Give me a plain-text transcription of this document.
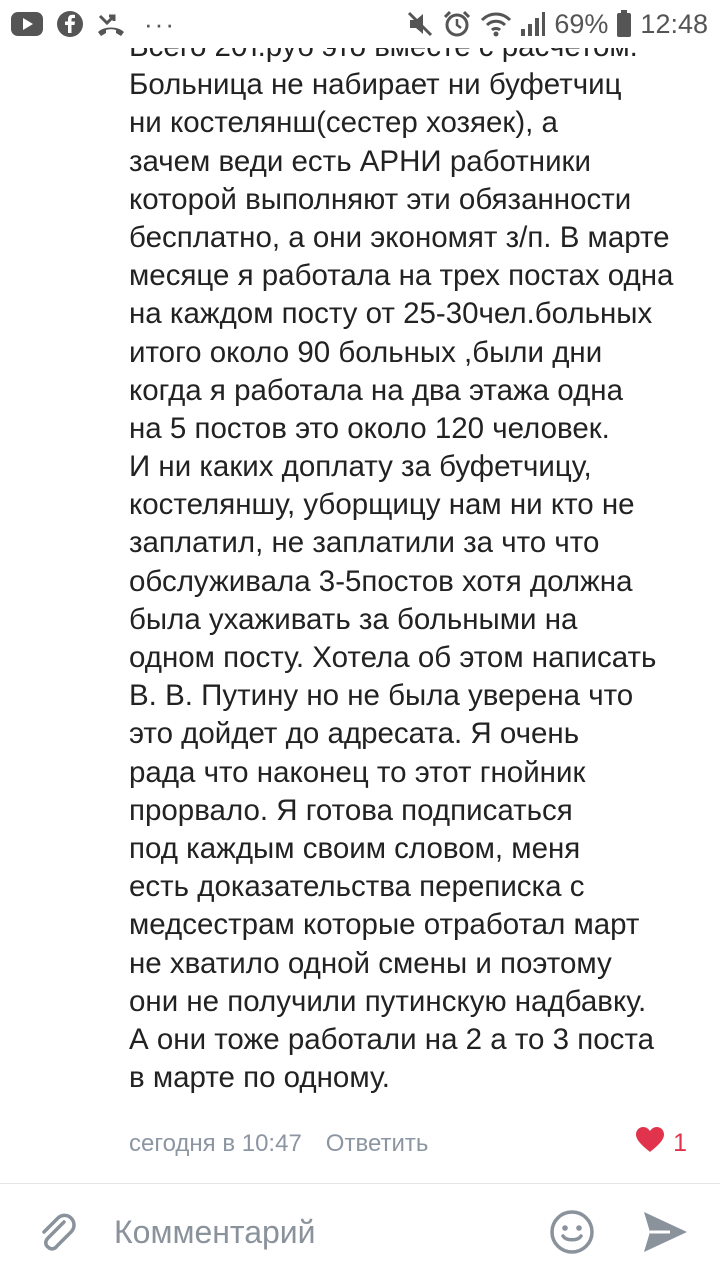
···	69% 12:48
Больница не набирает ни буфетчиц
ни костелянш(сестер хозяек), а
зачем веди есть АРНИ работники
которой выполняют эти обязанности
бесплатно, а они экономят з/п. В марте
месяце я работала на трех постах одна
на каждом посту от 25-30чел.больных
итого около 90 больных ,были дни
когда я работала на два этажа одна
на 5 постов это около 120 человек.
И ни каких доплату за буфетчицу,
костеляншу, уборщицу нам ни кто не
заплатил, не заплатили за что что
обслуживала 3-5постов хотя должна
была ухаживать за больными на
одном посту. Хотела об этом написать
В. В. Путину но не была уверена что
это дойдет до адресата. Я очень
рада что наконец то этот гнойник
прорвало. Я готова подписаться
под каждым своим словом, меня
есть доказательства переписка с
медсестрам которые отработал март
не хватило одной смены и поэтому
они не получили путинскую надбавку.
А они тоже работали на 2 а то 3 поста
в марте по одному.
сегодня в 10:47 Ответить	1
Комментарий
